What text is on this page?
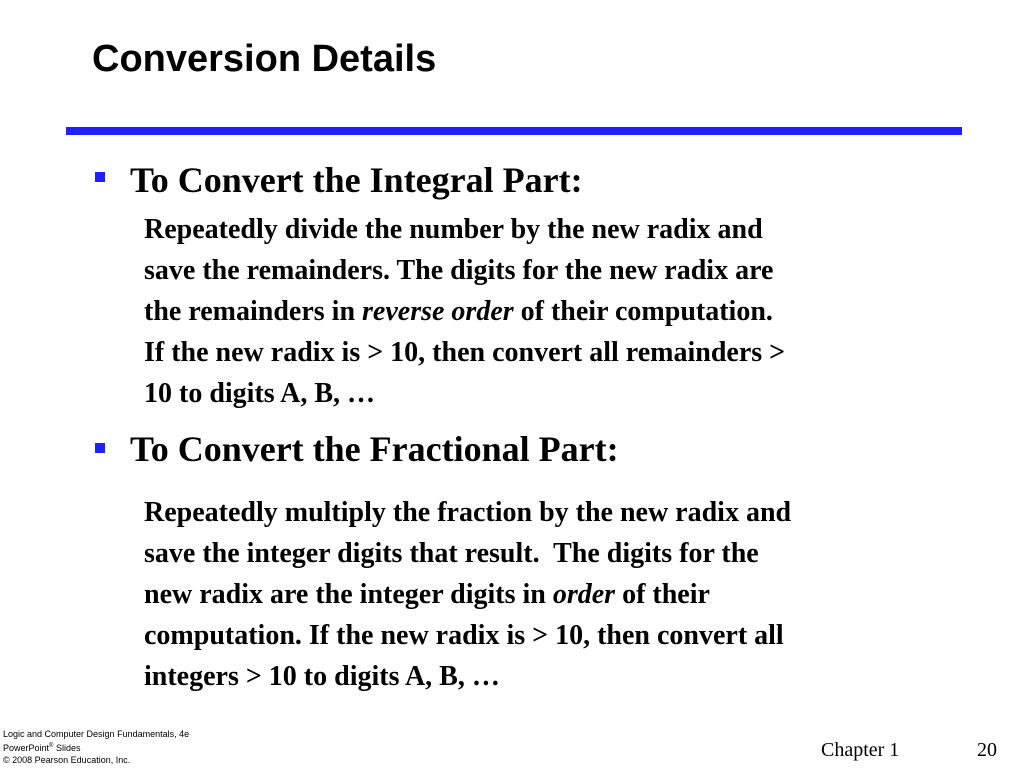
Conversion Details
To Convert the Integral Part:
Repeatedly divide the number by the new radix and
save the remainders. The digits for the new radix are
the remainders in reverse order of their computation.
If the new radix is > 10, then convert all remainders >
10 to digits A, B, …
To Convert the Fractional Part:
Repeatedly multiply the fraction by the new radix and
save the integer digits that result.  The digits for the
new radix are the integer digits in order of their
computation. If the new radix is > 10, then convert all
integers > 10 to digits A, B, …
Logic and Computer Design Fundamentals, 4e
PowerPoint® Slides
© 2008 Pearson Education, Inc.	Chapter 1	20
